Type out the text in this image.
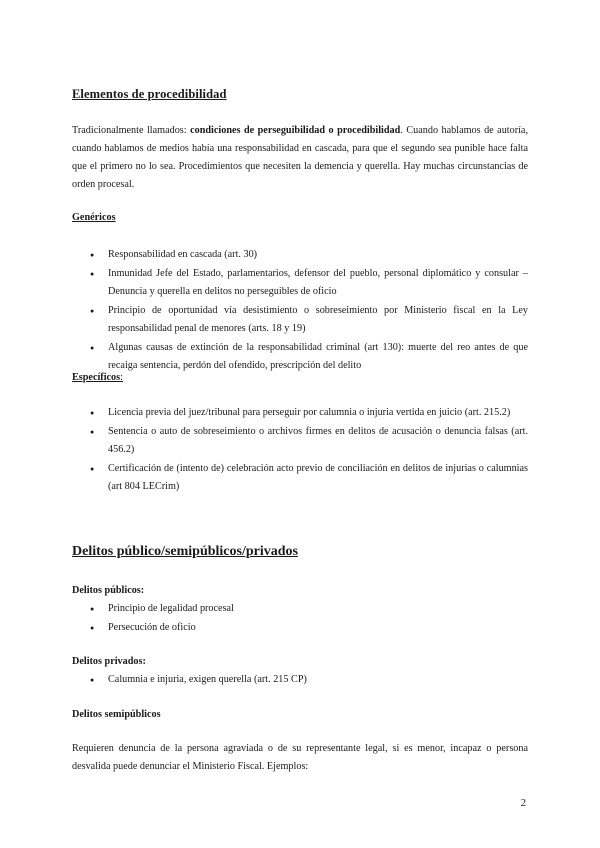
Elementos de procedibilidad

Tradicionalmente llamados: condiciones de perseguibilidad o procedibilidad. Cuando hablamos de autoría, cuando hablamos de medios había una responsabilidad en cascada, para que el segundo sea punible hace falta que el primero no lo sea. Procedimientos que necesiten la demencia y querella. Hay muchas circunstancias de orden procesal.

Genéricos
● Responsabilidad en cascada (art. 30)
● Inmunidad Jefe del Estado, parlamentarios, defensor del pueblo, personal diplomático y consular – Denuncia y querella en delitos no perseguibles de oficio
● Principio de oportunidad vía desistimiento o sobreseimiento por Ministerio fiscal en la Ley responsabilidad penal de menores (arts. 18 y 19)
● Algunas causas de extinción de la responsabilidad criminal (art 130): muerte del reo antes de que recaiga sentencia, perdón del ofendido, prescripción del delito
Específicos:
● Licencia previa del juez/tribunal para perseguir por calumnia o injuria vertida en juicio (art. 215.2)
● Sentencia o auto de sobreseimiento o archivos firmes en delitos de acusación o denuncia falsas (art. 456.2)
● Certificación de (intento de) celebración acto previo de conciliación en delitos de injurias o calumnias (art 804 LECrim)
Delitos público/semipúblicos/privados
Delitos públicos:
● Principio de legalidad procesal
● Persecución de oficio
Delitos privados:
● Calumnia e injuria, exigen querella (art. 215 CP)
Delitos semipúblicos

Requieren denuncia de la persona agraviada o de su representante legal, si es menor, incapaz o persona desvalida puede denunciar el Ministerio Fiscal. Ejemplos:

2
